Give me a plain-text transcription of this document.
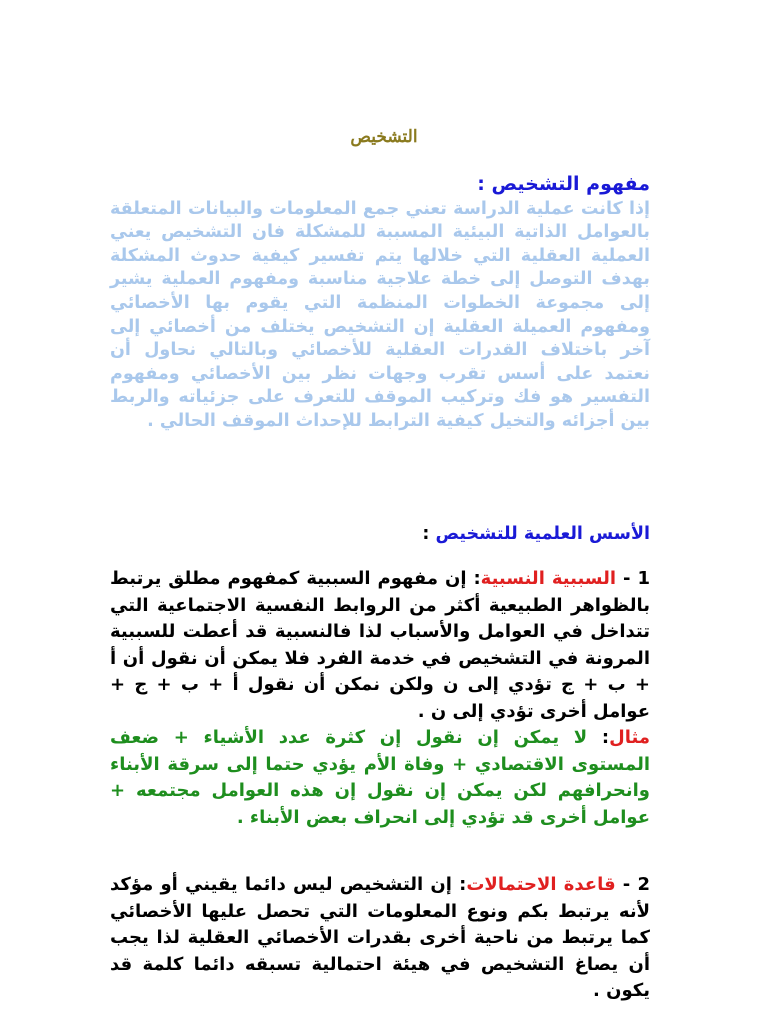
التشخيص

مفهوم التشخيص :
إذا كانت عملية الدراسة تعني جمع المعلومات والبيانات المتعلقة بالعوامل الذاتية البيئية المسببة للمشكلة فان التشخيص يعني العملية العقلية التي خلالها يتم تفسير كيفية حدوث المشكلة بهدف التوصل إلى خطة علاجية مناسبة ومفهوم العملية يشير إلى مجموعة الخطوات المنظمة التي يقوم بها الأخصائي ومفهوم العميلة العقلية إن التشخيص يختلف من أخصائي إلى آخر باختلاف القدرات العقلية للأخصائي وبالتالي نحاول أن نعتمد على أسس تقرب وجهات نظر بين الأخصائي ومفهوم التفسير هو فك وتركيب الموقف للتعرف على جزئياته والربط بين أجزائه والتخيل كيفية الترابط للإحداث الموقف الحالي .

الأسس العلمية للتشخيص :

1 - السببية النسبية: إن مفهوم السببية كمفهوم مطلق يرتبط بالظواهر الطبيعية أكثر من الروابط النفسية الاجتماعية التي تتداخل في العوامل والأسباب لذا فالنسبية قد أعطت للسببية المرونة في التشخيص في خدمة الفرد فلا يمكن أن نقول أن أ + ب + ج تؤدي إلى ن ولكن نمكن أن نقول أ + ب + ج + عوامل أخرى تؤدي إلى ن .
مثال: لا يمكن إن نقول إن كثرة عدد الأشياء + ضعف المستوى الاقتصادي + وفاة الأم يؤدي حتما إلى سرقة الأبناء وانحرافهم لكن يمكن إن نقول إن هذه العوامل مجتمعه + عوامل أخرى قد تؤدي إلى انحراف بعض الأبناء .

2 - قاعدة الاحتمالات: إن التشخيص ليس دائما يقيني أو مؤكد لأنه يرتبط بكم ونوع المعلومات التي تحصل عليها الأخصائي كما يرتبط من ناحية أخرى بقدرات الأخصائي العقلية لذا يجب أن يصاغ التشخيص في هيئة احتمالية تسبقه دائما كلمة قد يكون .
